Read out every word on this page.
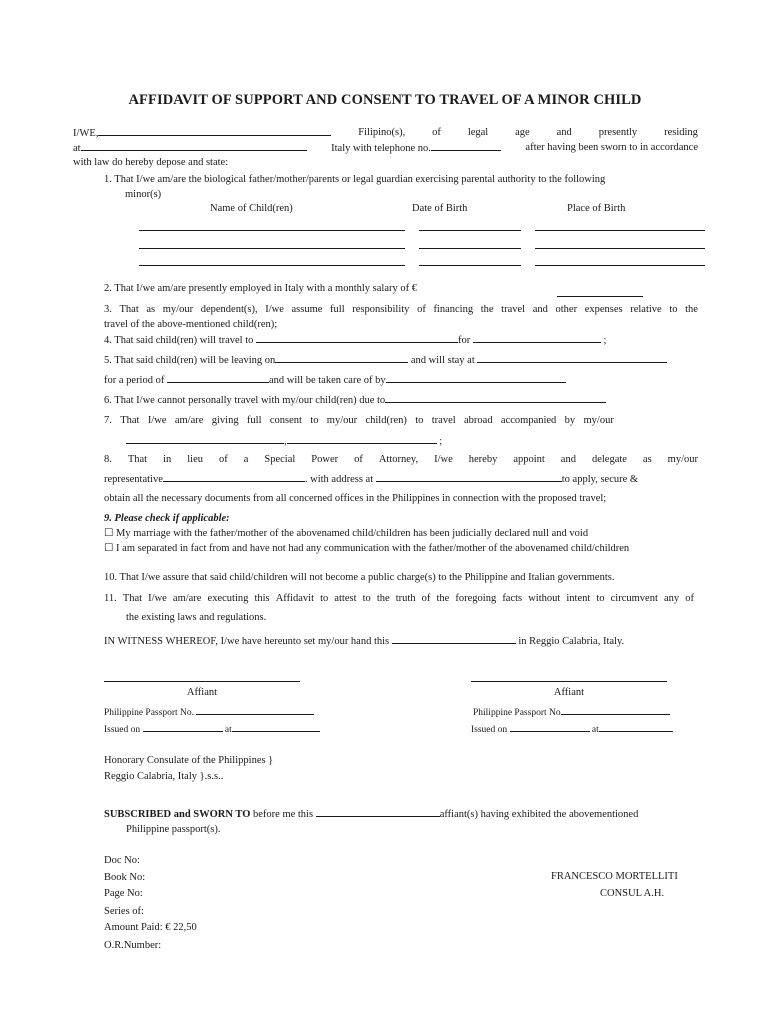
AFFIDAVIT OF SUPPORT AND CONSENT TO TRAVEL OF A MINOR CHILD
I/WE,	Filipino(s),	of	legal	age	and	presently	residing
at	Italy with telephone no.	after having been sworn to in accordance
with law do hereby depose and state:
1. That I/we am/are the biological father/mother/parents or legal guardian exercising parental authority to the following
minor(s)
Name of Child(ren)	Date of Birth	Place of Birth
2. That I/we am/are presently employed in Italy with a monthly salary of €
3. That as my/our dependent(s), I/we assume full responsibility of financing the travel and other expenses relative to the
travel of the above-mentioned child(ren);
4. That said child(ren) will travel to	for	;
5. That said child(ren) will be leaving on	and will stay at
for a period of	and will be taken care of by
6. That I/we cannot personally travel with my/our child(ren) due to
7. That I/we am/are giving full consent to my/our child(ren) to travel abroad accompanied by my/our
,	;
8. That in lieu of a Special Power of Attorney, I/we hereby appoint and delegate as my/our
representative	. with address at	to apply, secure &
obtain all the necessary documents from all concerned offices in the Philippines in connection with the proposed travel;
9. Please check if applicable:
☐ My marriage with the father/mother of the abovenamed child/children has been judicially declared null and void
☐ I am separated in fact from and have not had any communication with the father/mother of the abovenamed child/children
10. That I/we assure that said child/children will not become a public charge(s) to the Philippine and Italian governments.
11. That I/we am/are executing this Affidavit to attest to the truth of the foregoing facts without intent to circumvent any of
the existing laws and regulations.
IN WITNESS WHEREOF, I/we have hereunto set my/our hand this	in Reggio Calabria, Italy.
Affiant	Affiant
Philippine Passport No.	Philippine Passport No
Issued on	at	Issued on	at
Honorary Consulate of the Philippines }
Reggio Calabria, Italy }.s.s..
SUBSCRIBED and SWORN TO before me this	affiant(s) having exhibited the abovementioned
Philippine passport(s).
Doc No:
Book No:
Page No:
Series of:
Amount Paid: € 22,50
O.R.Number:
FRANCESCO MORTELLITI
CONSUL A.H.
